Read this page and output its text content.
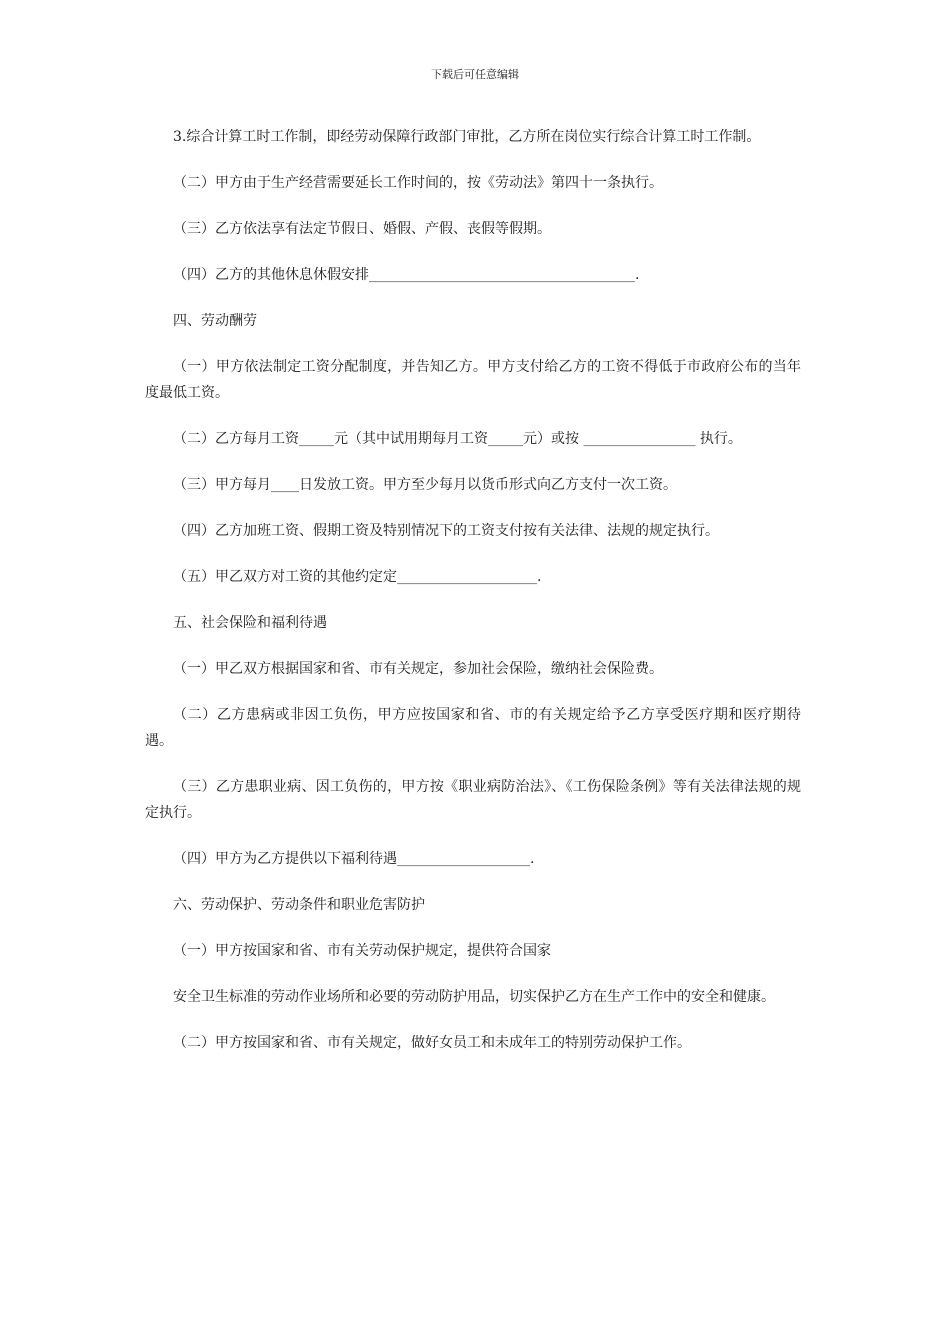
下载后可任意编辑

3.综合计算工时工作制，即经劳动保障行政部门审批，乙方所在岗位实行综合计算工时工作制。

（二）甲方由于生产经营需要延长工作时间的，按《劳动法》第四十一条执行。

（三）乙方依法享有法定节假日、婚假、产假、丧假等假期。

（四）乙方的其他休息休假安排______________________________________.

四、劳动酬劳

（一）甲方依法制定工资分配制度，并告知乙方。甲方支付给乙方的工资不得低于市政府公布的当年度最低工资。

（二）乙方每月工资_____元（其中试用期每月工资_____元）或按 ________________ 执行。

（三）甲方每月____日发放工资。甲方至少每月以货币形式向乙方支付一次工资。

（四）乙方加班工资、假期工资及特别情况下的工资支付按有关法律、法规的规定执行。

（五）甲乙双方对工资的其他约定定____________________.

五、社会保险和福利待遇

（一）甲乙双方根据国家和省、市有关规定，参加社会保险，缴纳社会保险费。

（二）乙方患病或非因工负伤，甲方应按国家和省、市的有关规定给予乙方享受医疗期和医疗期待遇。

（三）乙方患职业病、因工负伤的，甲方按《职业病防治法》、《工伤保险条例》等有关法律法规的规定执行。

（四）甲方为乙方提供以下福利待遇___________________.

六、劳动保护、劳动条件和职业危害防护

（一）甲方按国家和省、市有关劳动保护规定，提供符合国家

安全卫生标准的劳动作业场所和必要的劳动防护用品，切实保护乙方在生产工作中的安全和健康。

（二）甲方按国家和省、市有关规定，做好女员工和未成年工的特别劳动保护工作。
